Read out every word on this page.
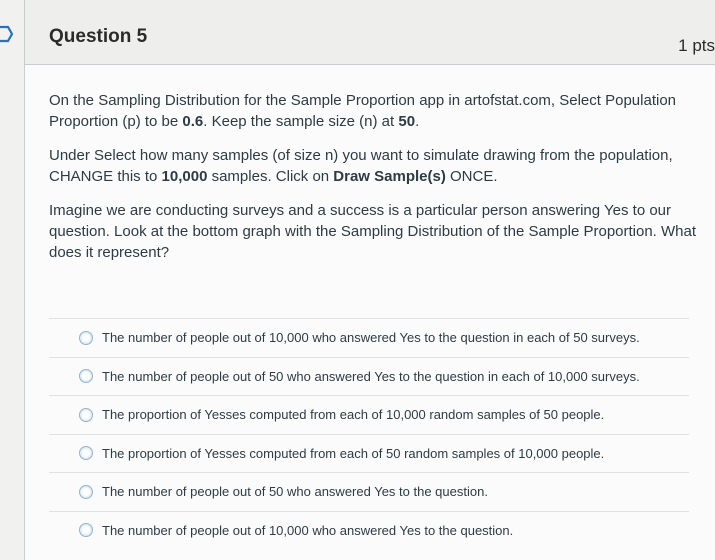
Question 5	1 pts

On the Sampling Distribution for the Sample Proportion app in artofstat.com, Select Population Proportion (p) to be 0.6. Keep the sample size (n) at 50.

Under Select how many samples (of size n) you want to simulate drawing from the population, CHANGE this to 10,000 samples. Click on Draw Sample(s) ONCE.

Imagine we are conducting surveys and a success is a particular person answering Yes to our question. Look at the bottom graph with the Sampling Distribution of the Sample Proportion. What does it represent?

The number of people out of 10,000 who answered Yes to the question in each of 50 surveys.
The number of people out of 50 who answered Yes to the question in each of 10,000 surveys.
The proportion of Yesses computed from each of 10,000 random samples of 50 people.
The proportion of Yesses computed from each of 50 random samples of 10,000 people.
The number of people out of 50 who answered Yes to the question.
The number of people out of 10,000 who answered Yes to the question.
